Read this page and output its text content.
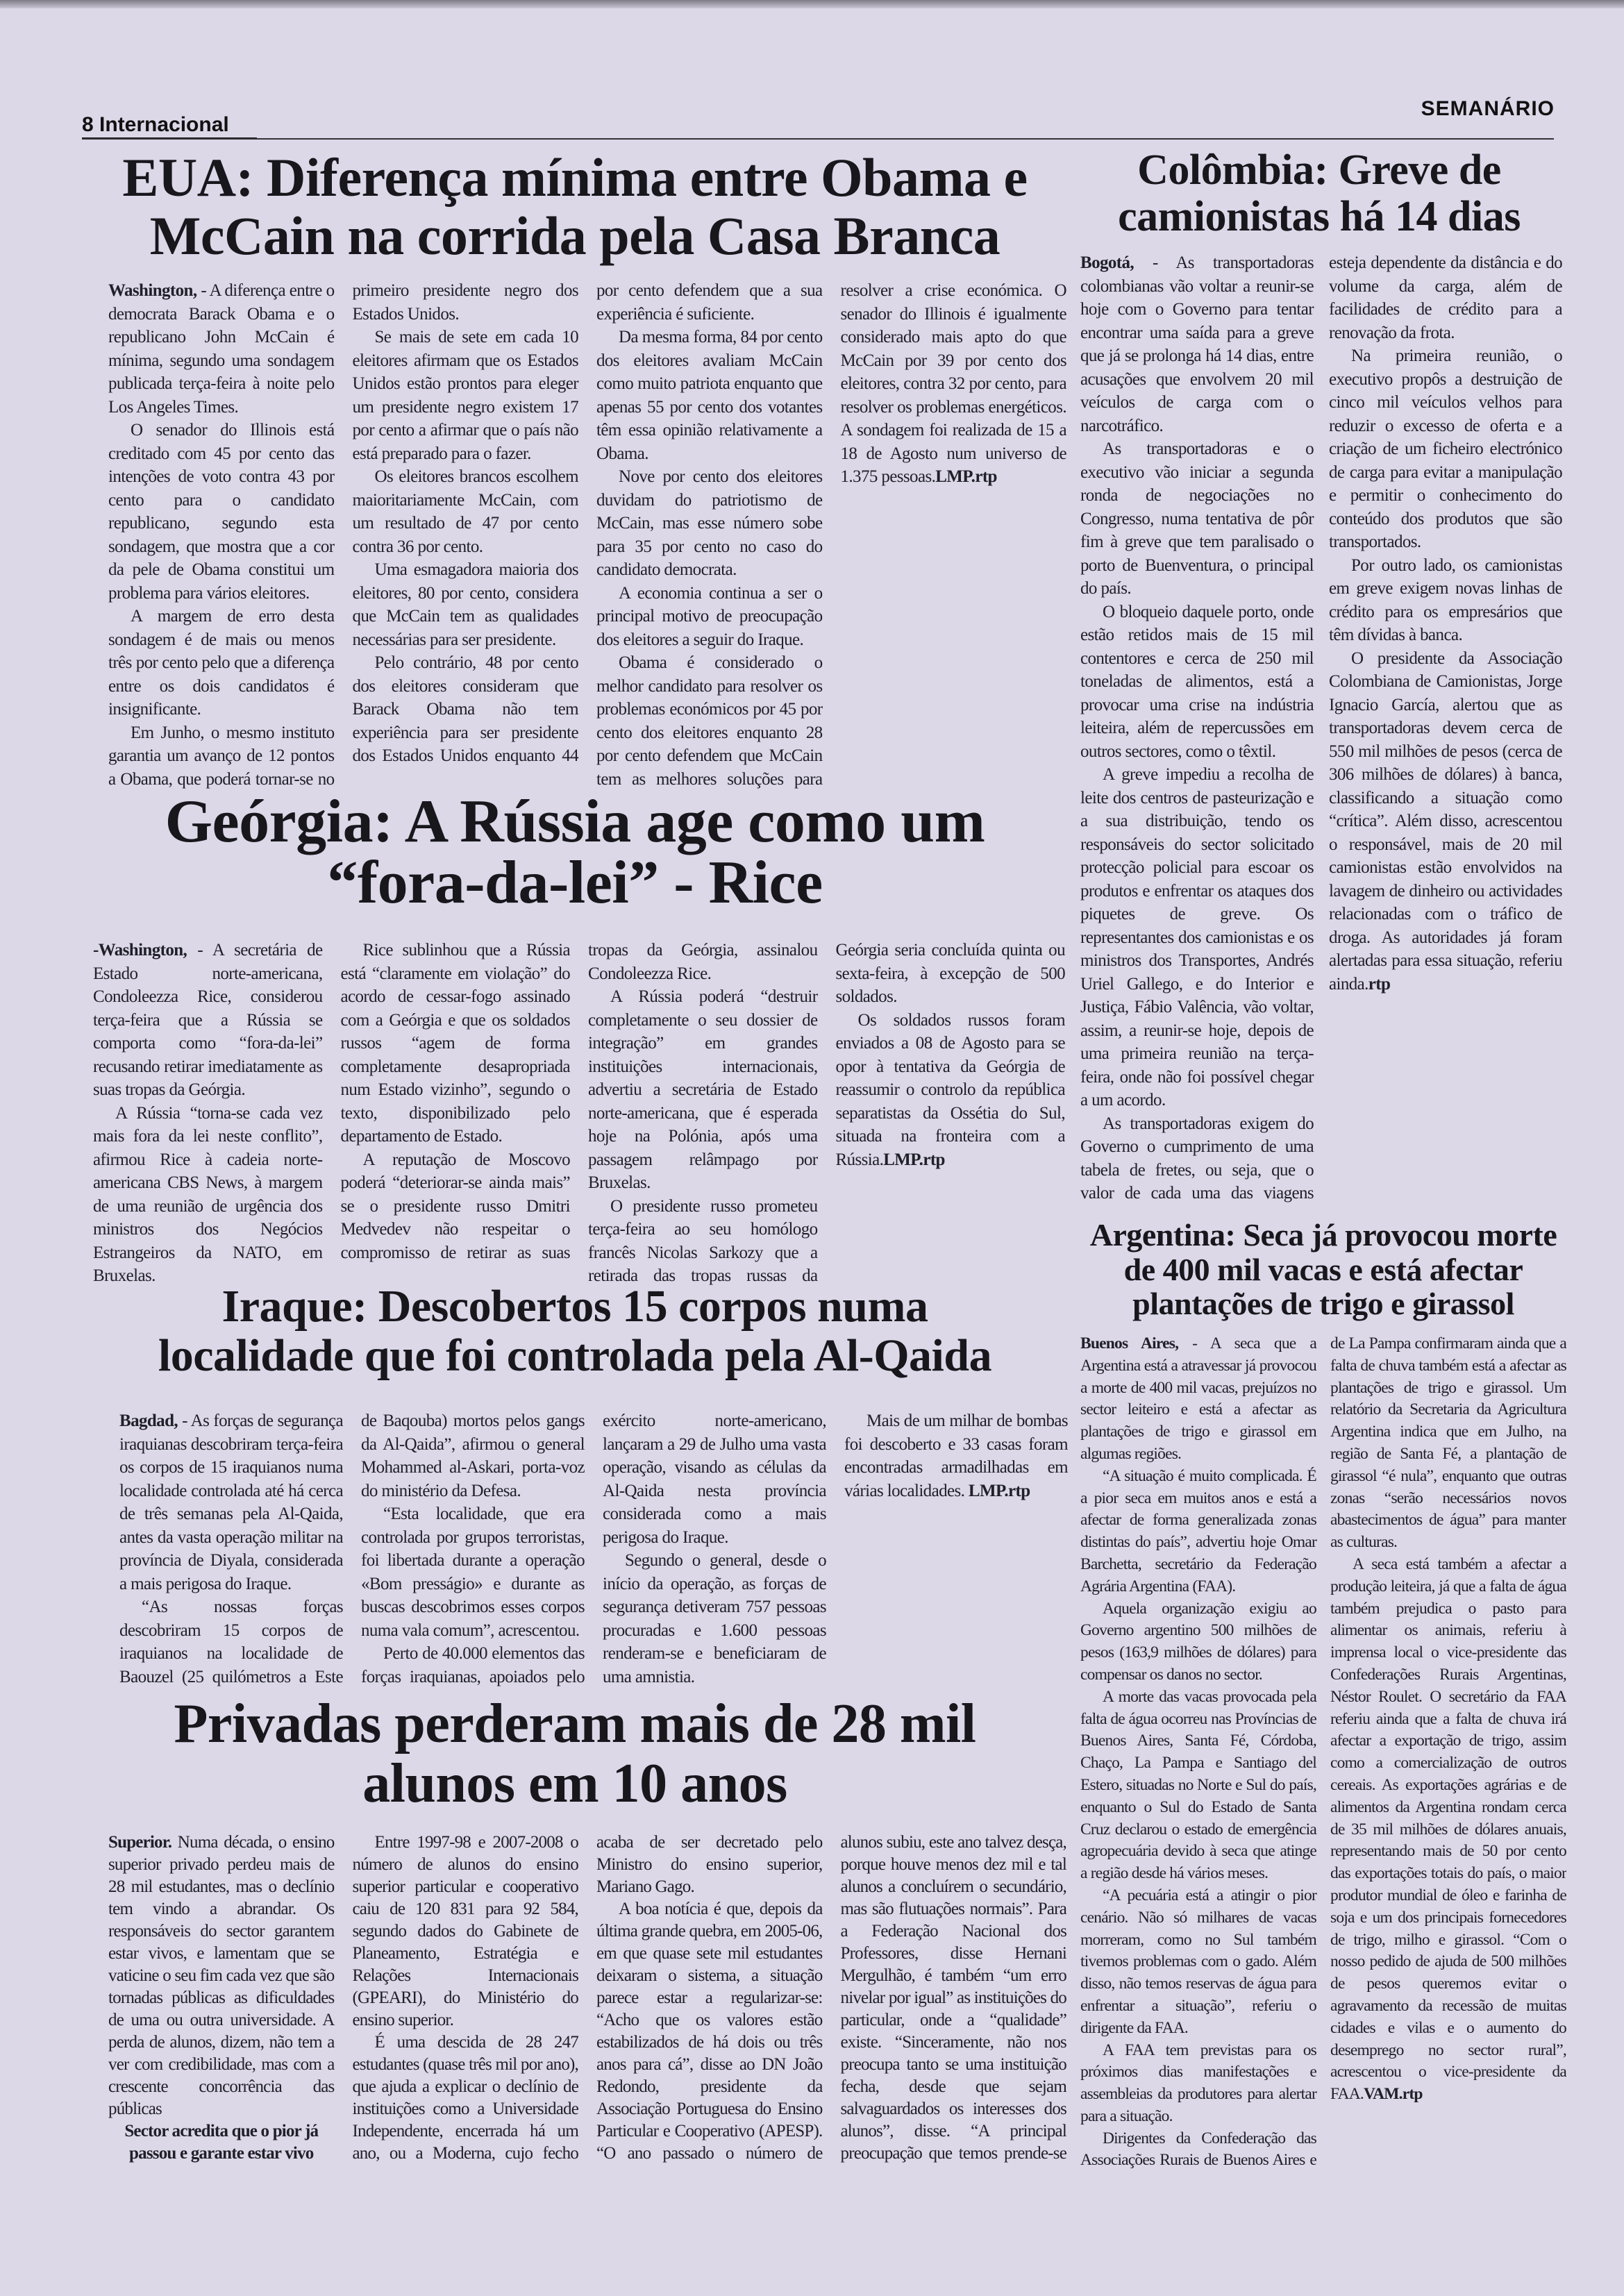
8 Internacional
SEMANÁRIO
EUA: Diferença mínima entre Obama e
McCain na corrida pela Casa Branca

Washington, - A diferença entre o democrata Barack Obama e o republicano John McCain é mínima, segundo uma sondagem publicada terça-feira à noite pelo Los Angeles Times.

O senador do Illinois está creditado com 45 por cento das intenções de voto contra 43 por cento para o candidato republicano, segundo esta sondagem, que mostra que a cor da pele de Obama constitui um problema para vários eleitores.

A margem de erro desta sondagem é de mais ou menos três por cento pelo que a diferença entre os dois candidatos é insignificante.

Em Junho, o mesmo instituto garantia um avanço de 12 pontos a Obama, que poderá tornar-se no primeiro presidente negro dos Estados Unidos.

Se mais de sete em cada 10 eleitores afirmam que os Estados Unidos estão prontos para eleger um presidente negro existem 17 por cento a afirmar que o país não está preparado para o fazer.

Os eleitores brancos escolhem maioritariamente McCain, com um resultado de 47 por cento contra 36 por cento.

Uma esmagadora maioria dos eleitores, 80 por cento, considera que McCain tem as qualidades necessárias para ser presidente.

Pelo contrário, 48 por cento dos eleitores consideram que Barack Obama não tem experiência para ser presidente dos Estados Unidos enquanto 44 por cento defendem que a sua experiência é suficiente.

Da mesma forma, 84 por cento dos eleitores avaliam McCain como muito patriota enquanto que apenas 55 por cento dos votantes têm essa opinião relativamente a Obama.

Nove por cento dos eleitores duvidam do patriotismo de McCain, mas esse número sobe para 35 por cento no caso do candidato democrata.

A economia continua a ser o principal motivo de preocupação dos eleitores a seguir do Iraque.

Obama é considerado o melhor candidato para resolver os problemas económicos por 45 por cento dos eleitores enquanto 28 por cento defendem que McCain tem as melhores soluções para resolver a crise económica. O senador do Illinois é igualmente considerado mais apto do que McCain por 39 por cento dos eleitores, contra 32 por cento, para resolver os problemas energéticos. A sondagem foi realizada de 15 a 18 de Agosto num universo de 1.375 pessoas.LMP.rtp

Colômbia: Greve de
camionistas há 14 dias

Bogotá, - As transportadoras colombianas vão voltar a reunir-se hoje com o Governo para tentar encontrar uma saída para a greve que já se prolonga há 14 dias, entre acusações que envolvem 20 mil veículos de carga com o narcotráfico.

As transportadoras e o executivo vão iniciar a segunda ronda de negociações no Congresso, numa tentativa de pôr fim à greve que tem paralisado o porto de Buenventura, o principal do país.

O bloqueio daquele porto, onde estão retidos mais de 15 mil contentores e cerca de 250 mil toneladas de alimentos, está a provocar uma crise na indústria leiteira, além de repercussões em outros sectores, como o têxtil.

A greve impediu a recolha de leite dos centros de pasteurização e a sua distribuição, tendo os responsáveis do sector solicitado protecção policial para escoar os produtos e enfrentar os ataques dos piquetes de greve. Os representantes dos camionistas e os ministros dos Transportes, Andrés Uriel Gallego, e do Interior e Justiça, Fábio Valência, vão voltar, assim, a reunir-se hoje, depois de uma primeira reunião na terça-feira, onde não foi possível chegar a um acordo.

As transportadoras exigem do Governo o cumprimento de uma tabela de fretes, ou seja, que o valor de cada uma das viagens esteja dependente da distância e do volume da carga, além de facilidades de crédito para a renovação da frota.

Na primeira reunião, o executivo propôs a destruição de cinco mil veículos velhos para reduzir o excesso de oferta e a criação de um ficheiro electrónico de carga para evitar a manipulação e permitir o conhecimento do conteúdo dos produtos que são transportados.

Por outro lado, os camionistas em greve exigem novas linhas de crédito para os empresários que têm dívidas à banca.

O presidente da Associação Colombiana de Camionistas, Jorge Ignacio García, alertou que as transportadoras devem cerca de 550 mil milhões de pesos (cerca de 306 milhões de dólares) à banca, classificando a situação como “crítica”. Além disso, acrescentou o responsável, mais de 20 mil camionistas estão envolvidos na lavagem de dinheiro ou actividades relacionadas com o tráfico de droga. As autoridades já foram alertadas para essa situação, referiu ainda.rtp

Geórgia: A Rússia age como um
“fora-da-lei” - Rice

-Washington, - A secretária de Estado norte-americana, Condoleezza Rice, considerou terça-feira que a Rússia se comporta como “fora-da-lei” recusando retirar imediatamente as suas tropas da Geórgia.

A Rússia “torna-se cada vez mais fora da lei neste conflito”, afirmou Rice à cadeia norte-americana CBS News, à margem de uma reunião de urgência dos ministros dos Negócios Estrangeiros da NATO, em Bruxelas.

Rice sublinhou que a Rússia está “claramente em violação” do acordo de cessar-fogo assinado com a Geórgia e que os soldados russos “agem de forma completamente desapropriada num Estado vizinho”, segundo o texto, disponibilizado pelo departamento de Estado.

A reputação de Moscovo poderá “deteriorar-se ainda mais” se o presidente russo Dmitri Medvedev não respeitar o compromisso de retirar as suas tropas da Geórgia, assinalou Condoleezza Rice.

A Rússia poderá “destruir completamente o seu dossier de integração” em grandes instituições internacionais, advertiu a secretária de Estado norte-americana, que é esperada hoje na Polónia, após uma passagem relâmpago por Bruxelas.

O presidente russo prometeu terça-feira ao seu homólogo francês Nicolas Sarkozy que a retirada das tropas russas da Geórgia seria concluída quinta ou sexta-feira, à excepção de 500 soldados.

Os soldados russos foram enviados a 08 de Agosto para se opor à tentativa da Geórgia de reassumir o controlo da república separatistas da Ossétia do Sul, situada na fronteira com a Rússia.LMP.rtp

Iraque: Descobertos 15 corpos numa
localidade que foi controlada pela Al-Qaida

Bagdad, - As forças de segurança iraquianas descobriram terça-feira os corpos de 15 iraquianos numa localidade controlada até há cerca de três semanas pela Al-Qaida, antes da vasta operação militar na província de Diyala, considerada a mais perigosa do Iraque.

“As nossas forças descobriram 15 corpos de iraquianos na localidade de Baouzel (25 quilómetros a Este de Baqouba) mortos pelos gangs da Al-Qaida”, afirmou o general Mohammed al-Askari, porta-voz do ministério da Defesa.

“Esta localidade, que era controlada por grupos terroristas, foi libertada durante a operação «Bom presságio» e durante as buscas descobrimos esses corpos numa vala comum”, acrescentou.

Perto de 40.000 elementos das forças iraquianas, apoiados pelo exército norte-americano, lançaram a 29 de Julho uma vasta operação, visando as células da Al-Qaida nesta província considerada como a mais perigosa do Iraque.

Segundo o general, desde o início da operação, as forças de segurança detiveram 757 pessoas procuradas e 1.600 pessoas renderam-se e beneficiaram de uma amnistia.

Mais de um milhar de bombas foi descoberto e 33 casas foram encontradas armadilhadas em várias localidades. LMP.rtp

Argentina: Seca já provocou morte
de 400 mil vacas e está afectar
plantações de trigo e girassol

Buenos Aires, - A seca que a Argentina está a atravessar já provocou a morte de 400 mil vacas, prejuízos no sector leiteiro e está a afectar as plantações de trigo e girassol em algumas regiões.

“A situação é muito complicada. É a pior seca em muitos anos e está a afectar de forma generalizada zonas distintas do país”, advertiu hoje Omar Barchetta, secretário da Federação Agrária Argentina (FAA).

Aquela organização exigiu ao Governo argentino 500 milhões de pesos (163,9 milhões de dólares) para compensar os danos no sector.

A morte das vacas provocada pela falta de água ocorreu nas Províncias de Buenos Aires, Santa Fé, Córdoba, Chaço, La Pampa e Santiago del Estero, situadas no Norte e Sul do país, enquanto o Sul do Estado de Santa Cruz declarou o estado de emergência agropecuária devido à seca que atinge a região desde há vários meses.

“A pecuária está a atingir o pior cenário. Não só milhares de vacas morreram, como no Sul também tivemos problemas com o gado. Além disso, não temos reservas de água para enfrentar a situação”, referiu o dirigente da FAA.

A FAA tem previstas para os próximos dias manifestações e assembleias da produtores para alertar para a situação.

Dirigentes da Confederação das Associações Rurais de Buenos Aires e de La Pampa confirmaram ainda que a falta de chuva também está a afectar as plantações de trigo e girassol. Um relatório da Secretaria da Agricultura Argentina indica que em Julho, na região de Santa Fé, a plantação de girassol “é nula”, enquanto que outras zonas “serão necessários novos abastecimentos de água” para manter as culturas.

A seca está também a afectar a produção leiteira, já que a falta de água também prejudica o pasto para alimentar os animais, referiu à imprensa local o vice-presidente das Confederações Rurais Argentinas, Néstor Roulet. O secretário da FAA referiu ainda que a falta de chuva irá afectar a exportação de trigo, assim como a comercialização de outros cereais. As exportações agrárias e de alimentos da Argentina rondam cerca de 35 mil milhões de dólares anuais, representando mais de 50 por cento das exportações totais do país, o maior produtor mundial de óleo e farinha de soja e um dos principais fornecedores de trigo, milho e girassol. “Com o nosso pedido de ajuda de 500 milhões de pesos queremos evitar o agravamento da recessão de muitas cidades e vilas e o aumento do desemprego no sector rural”, acrescentou o vice-presidente da FAA.VAM.rtp

Privadas perderam mais de 28 mil
alunos em 10 anos

Superior. Numa década, o ensino superior privado perdeu mais de 28 mil estudantes, mas o declínio tem vindo a abrandar. Os responsáveis do sector garantem estar vivos, e lamentam que se vaticine o seu fim cada vez que são tornadas públicas as dificuldades de uma ou outra universidade. A perda de alunos, dizem, não tem a ver com credibilidade, mas com a crescente concorrência das públicas

Sector acredita que o pior já passou e garante estar vivo

Entre 1997-98 e 2007-2008 o número de alunos do ensino superior particular e cooperativo caiu de 120 831 para 92 584, segundo dados do Gabinete de Planeamento, Estratégia e Relações Internacionais (GPEARI), do Ministério do ensino superior.

É uma descida de 28 247 estudantes (quase três mil por ano), que ajuda a explicar o declínio de instituições como a Universidade Independente, encerrada há um ano, ou a Moderna, cujo fecho acaba de ser decretado pelo Ministro do ensino superior, Mariano Gago.

A boa notícia é que, depois da última grande quebra, em 2005-06, em que quase sete mil estudantes deixaram o sistema, a situação parece estar a regularizar-se: “Acho que os valores estão estabilizados de há dois ou três anos para cá”, disse ao DN João Redondo, presidente da Associação Portuguesa do Ensino Particular e Cooperativo (APESP). “O ano passado o número de alunos subiu, este ano talvez desça, porque houve menos dez mil e tal alunos a concluírem o secundário, mas são flutuações normais”. Para a Federação Nacional dos Professores, disse Hernani Mergulhão, é também “um erro nivelar por igual” as instituições do particular, onde a “qualidade” existe. “Sinceramente, não nos preocupa tanto se uma instituição fecha, desde que sejam salvaguardados os interesses dos alunos”, disse. “A principal preocupação que temos prende-se
